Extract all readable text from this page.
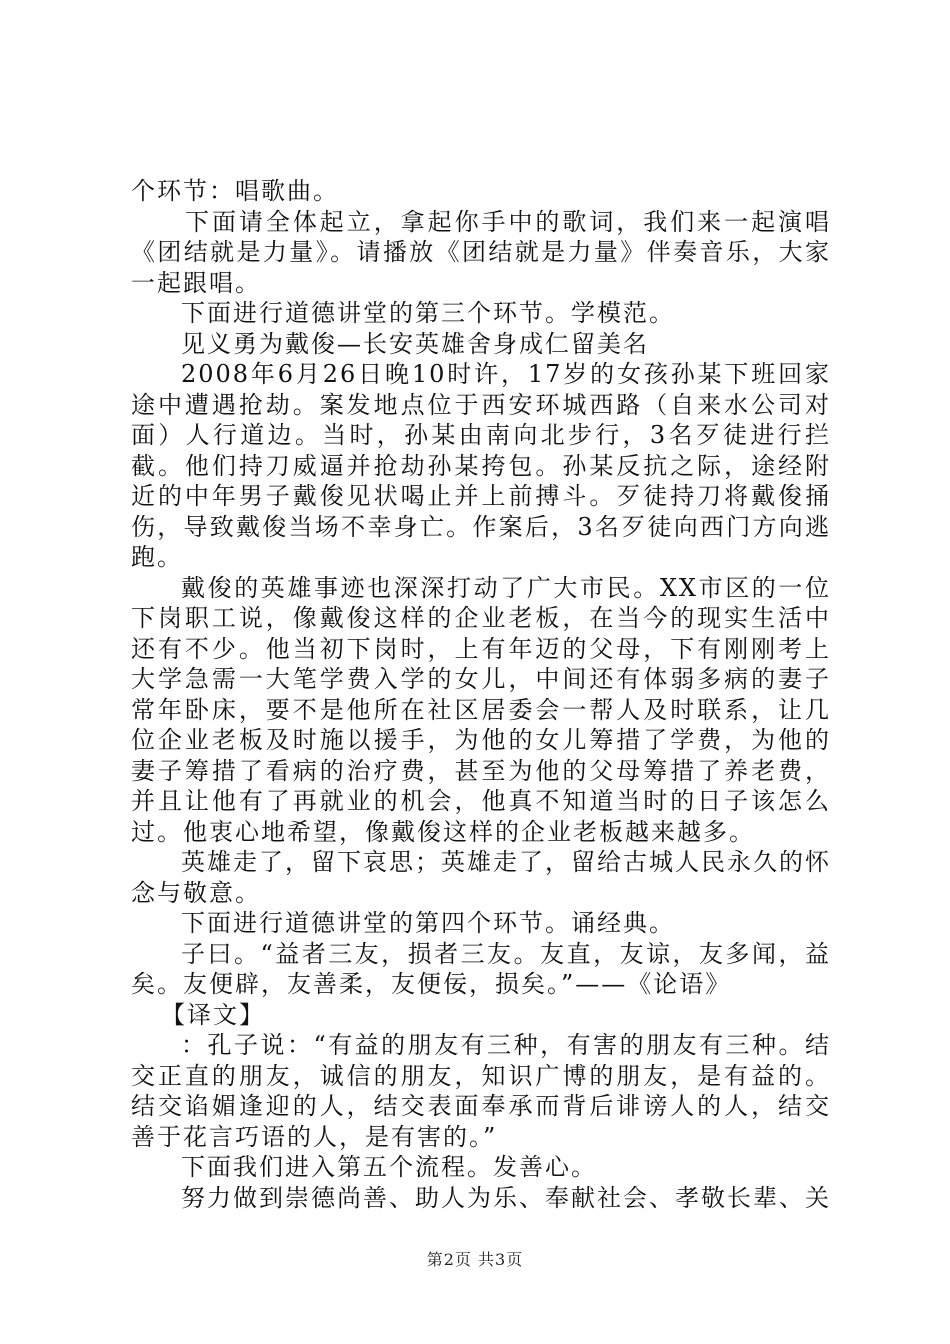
个环节：唱歌曲。

下面请全体起立，拿起你手中的歌词，我们来一起演唱《团结就是力量》。请播放《团结就是力量》伴奏音乐，大家一起跟唱。

下面进行道德讲堂的第三个环节。学模范。

见义勇为戴俊—长安英雄舍身成仁留美名

2008年6月26日晚10时许，17岁的女孩孙某下班回家途中遭遇抢劫。案发地点位于西安环城西路（自来水公司对面）人行道边。当时，孙某由南向北步行，3名歹徒进行拦截。他们持刀威逼并抢劫孙某挎包。孙某反抗之际，途经附近的中年男子戴俊见状喝止并上前搏斗。歹徒持刀将戴俊捅伤，导致戴俊当场不幸身亡。作案后，3名歹徒向西门方向逃跑。

戴俊的英雄事迹也深深打动了广大市民。XX市区的一位下岗职工说，像戴俊这样的企业老板，在当今的现实生活中还有不少。他当初下岗时，上有年迈的父母，下有刚刚考上大学急需一大笔学费入学的女儿，中间还有体弱多病的妻子常年卧床，要不是他所在社区居委会一帮人及时联系，让几位企业老板及时施以援手，为他的女儿筹措了学费，为他的妻子筹措了看病的治疗费，甚至为他的父母筹措了养老费，并且让他有了再就业的机会，他真不知道当时的日子该怎么过。他衷心地希望，像戴俊这样的企业老板越来越多。

英雄走了，留下哀思；英雄走了，留给古城人民永久的怀念与敬意。

下面进行道德讲堂的第四个环节。诵经典。

子曰。“益者三友，损者三友。友直，友谅，友多闻，益矣。友便辟，友善柔，友便佞，损矣。”——《论语》

【译文】

：孔子说：“有益的朋友有三种，有害的朋友有三种。结交正直的朋友，诚信的朋友，知识广博的朋友，是有益的。结交谄媚逢迎的人，结交表面奉承而背后诽谤人的人，结交善于花言巧语的人，是有害的。”

下面我们进入第五个流程。发善心。

努力做到崇德尚善、助人为乐、奉献社会、孝敬长辈、关

第2页 共3页
